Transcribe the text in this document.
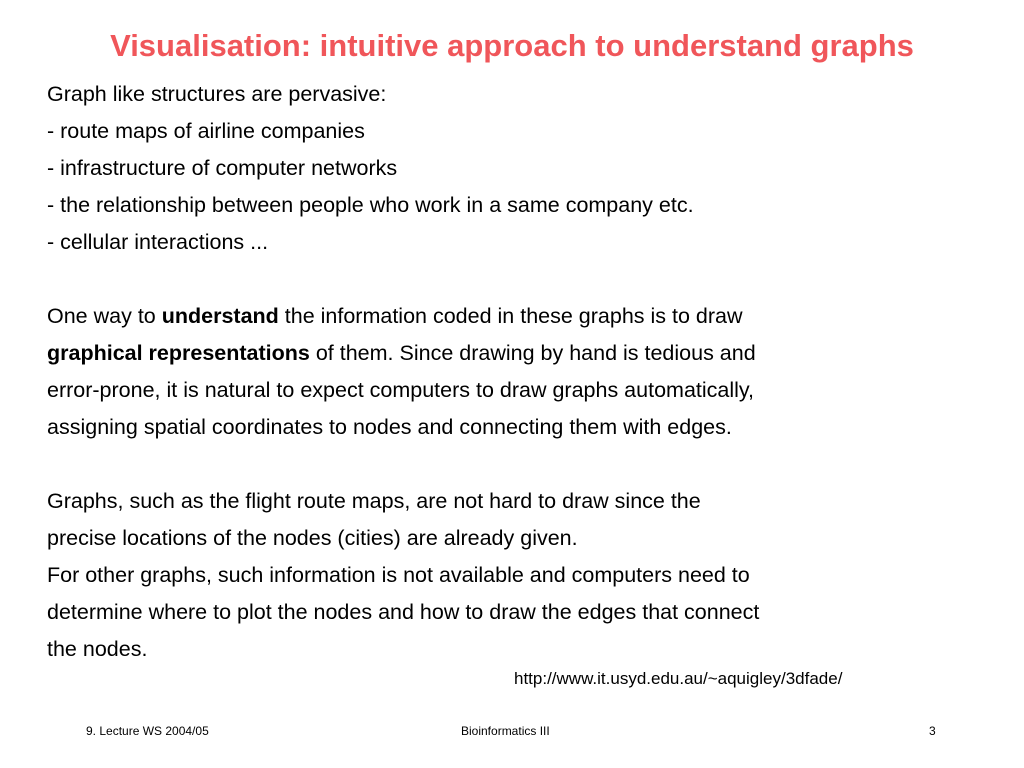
Visualisation: intuitive approach to understand graphs
Graph like structures are pervasive:
- route maps of airline companies
- infrastructure of computer networks
- the relationship between people who work in a same company etc.
- cellular interactions ...
One way to understand the information coded in these graphs is to draw
graphical representations of them. Since drawing by hand is tedious and
error-prone, it is natural to expect computers to draw graphs automatically,
assigning spatial coordinates to nodes and connecting them with edges.
Graphs, such as the flight route maps, are not hard to draw since the
precise locations of the nodes (cities) are already given.
For other graphs, such information is not available and computers need to
determine where to plot the nodes and how to draw the edges that connect
the nodes.
http://www.it.usyd.edu.au/~aquigley/3dfade/
9. Lecture WS 2004/05	Bioinformatics III	3
